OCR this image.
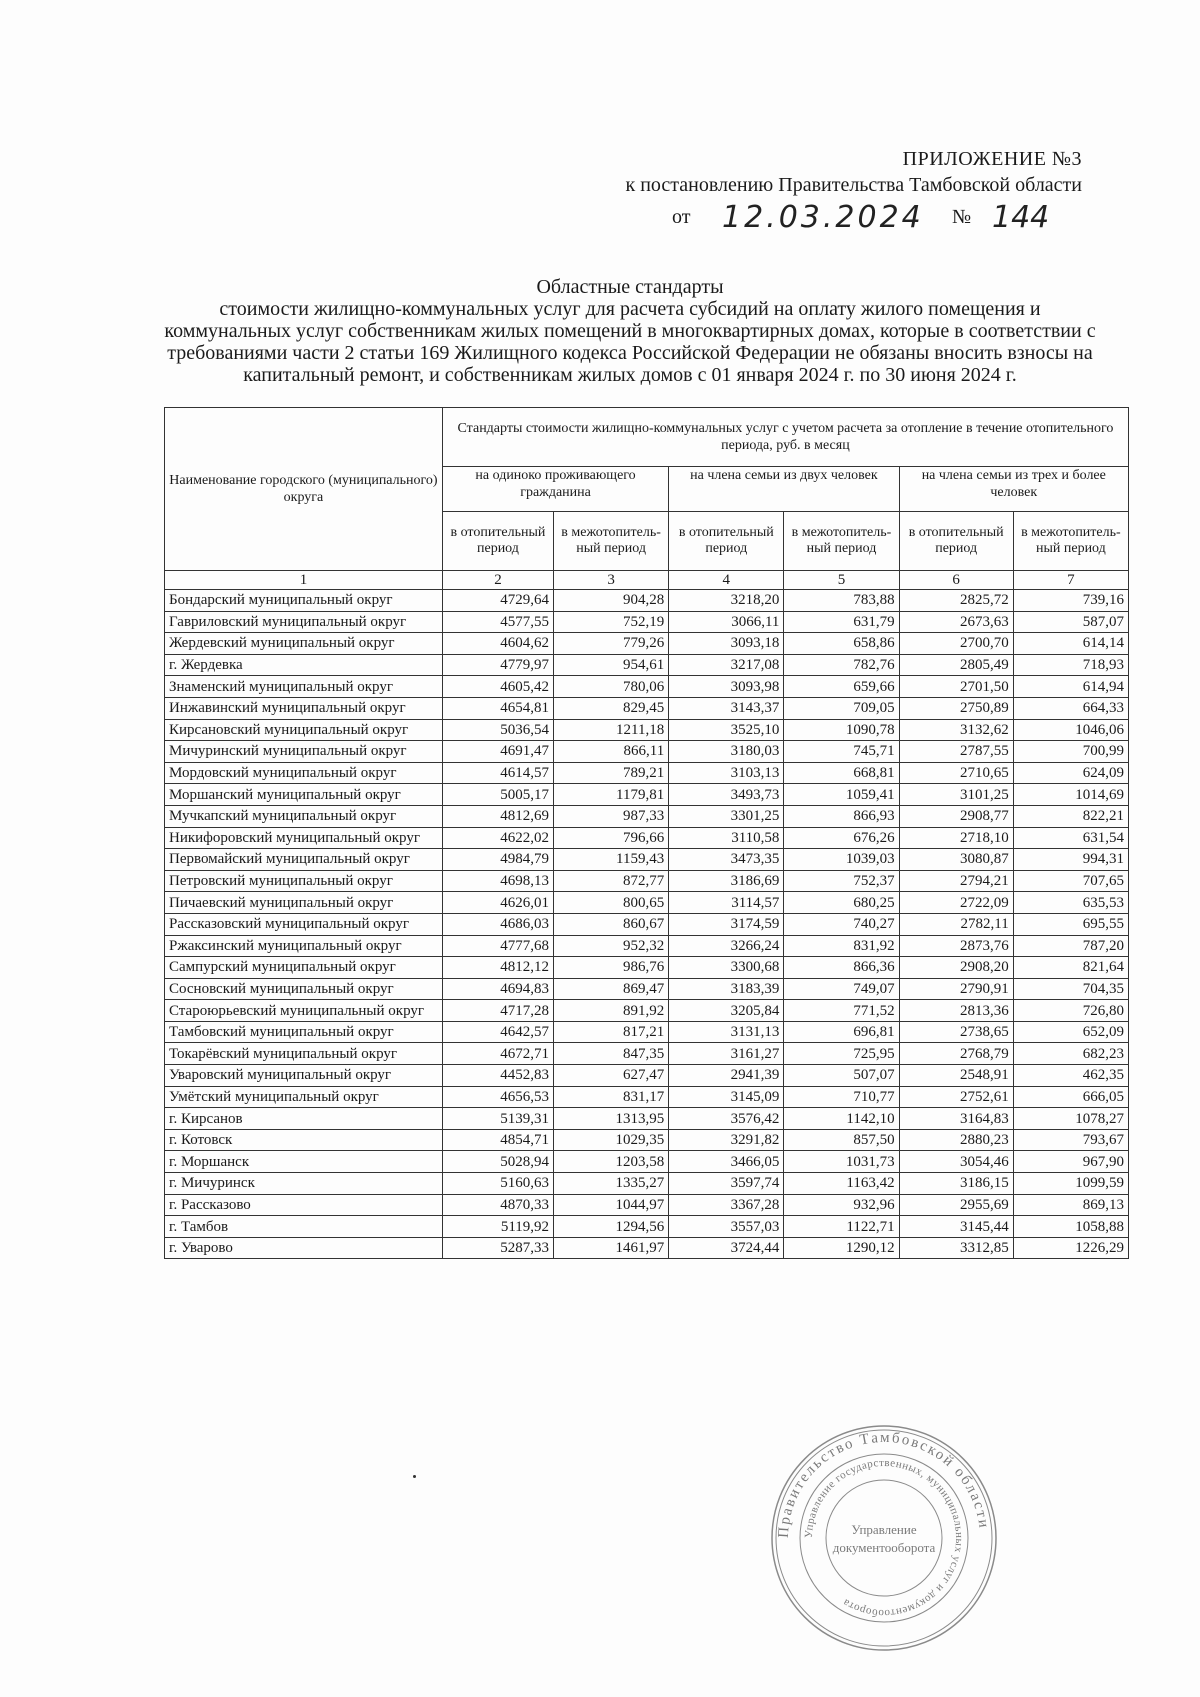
ПРИЛОЖЕНИЕ №3
к постановлению Правительства Тамбовской области
от 12.03.2024 № 144
Областные стандарты
стоимости жилищно-коммунальных услуг для расчета субсидий на оплату жилого помещения и
коммунальных услуг собственникам жилых помещений в многоквартирных домах, которые в соответствии с
требованиями части 2 статьи 169 Жилищного кодекса Российской Федерации не обязаны вносить взносы на
капитальный ремонт, и собственникам жилых домов с 01 января 2024 г. по 30 июня 2024 г.
Наименование городского (муниципального) округа	Стандарты стоимости жилищно-коммунальных услуг с учетом расчета за отопление в течение отопительного периода, руб. в месяц					
	на одиноко проживающего гражданина		на члена семьи из двух человек		на члена семьи из трех и более человек	
	в отопительный период	в межотопитель-ный период	в отопительный период	в межотопитель-ный период	в отопительный период	в межотопитель-ный период
1	2	3	4	5	6	7
Бондарский муниципальный округ	4729,64	904,28	3218,20	783,88	2825,72	739,16
Гавриловский муниципальный округ	4577,55	752,19	3066,11	631,79	2673,63	587,07
Жердевский муниципальный округ	4604,62	779,26	3093,18	658,86	2700,70	614,14
г. Жердевка	4779,97	954,61	3217,08	782,76	2805,49	718,93
Знаменский муниципальный округ	4605,42	780,06	3093,98	659,66	2701,50	614,94
Инжавинский муниципальный округ	4654,81	829,45	3143,37	709,05	2750,89	664,33
Кирсановский муниципальный округ	5036,54	1211,18	3525,10	1090,78	3132,62	1046,06
Мичуринский муниципальный округ	4691,47	866,11	3180,03	745,71	2787,55	700,99
Мордовский муниципальный округ	4614,57	789,21	3103,13	668,81	2710,65	624,09
Моршанский муниципальный округ	5005,17	1179,81	3493,73	1059,41	3101,25	1014,69
Мучкапский муниципальный округ	4812,69	987,33	3301,25	866,93	2908,77	822,21
Никифоровский муниципальный округ	4622,02	796,66	3110,58	676,26	2718,10	631,54
Первомайский муниципальный округ	4984,79	1159,43	3473,35	1039,03	3080,87	994,31
Петровский муниципальный округ	4698,13	872,77	3186,69	752,37	2794,21	707,65
Пичаевский муниципальный округ	4626,01	800,65	3114,57	680,25	2722,09	635,53
Рассказовский муниципальный округ	4686,03	860,67	3174,59	740,27	2782,11	695,55
Ржаксинский муниципальный округ	4777,68	952,32	3266,24	831,92	2873,76	787,20
Сампурский муниципальный округ	4812,12	986,76	3300,68	866,36	2908,20	821,64
Сосновский муниципальный округ	4694,83	869,47	3183,39	749,07	2790,91	704,35
Староюрьевский муниципальный округ	4717,28	891,92	3205,84	771,52	2813,36	726,80
Тамбовский муниципальный округ	4642,57	817,21	3131,13	696,81	2738,65	652,09
Токарёвский муниципальный округ	4672,71	847,35	3161,27	725,95	2768,79	682,23
Уваровский муниципальный округ	4452,83	627,47	2941,39	507,07	2548,91	462,35
Умётский муниципальный округ	4656,53	831,17	3145,09	710,77	2752,61	666,05
г. Кирсанов	5139,31	1313,95	3576,42	1142,10	3164,83	1078,27
г. Котовск	4854,71	1029,35	3291,82	857,50	2880,23	793,67
г. Моршанск	5028,94	1203,58	3466,05	1031,73	3054,46	967,90
г. Мичуринск	5160,63	1335,27	3597,74	1163,42	3186,15	1099,59
г. Рассказово	4870,33	1044,97	3367,28	932,96	2955,69	869,13
г. Тамбов	5119,92	1294,56	3557,03	1122,71	3145,44	1058,88
г. Уварово	5287,33	1461,97	3724,44	1290,12	3312,85	1226,29
Правительство Тамбовской области
Управление государственных, муниципальных услуг и документооборота
Управление
документооборота
